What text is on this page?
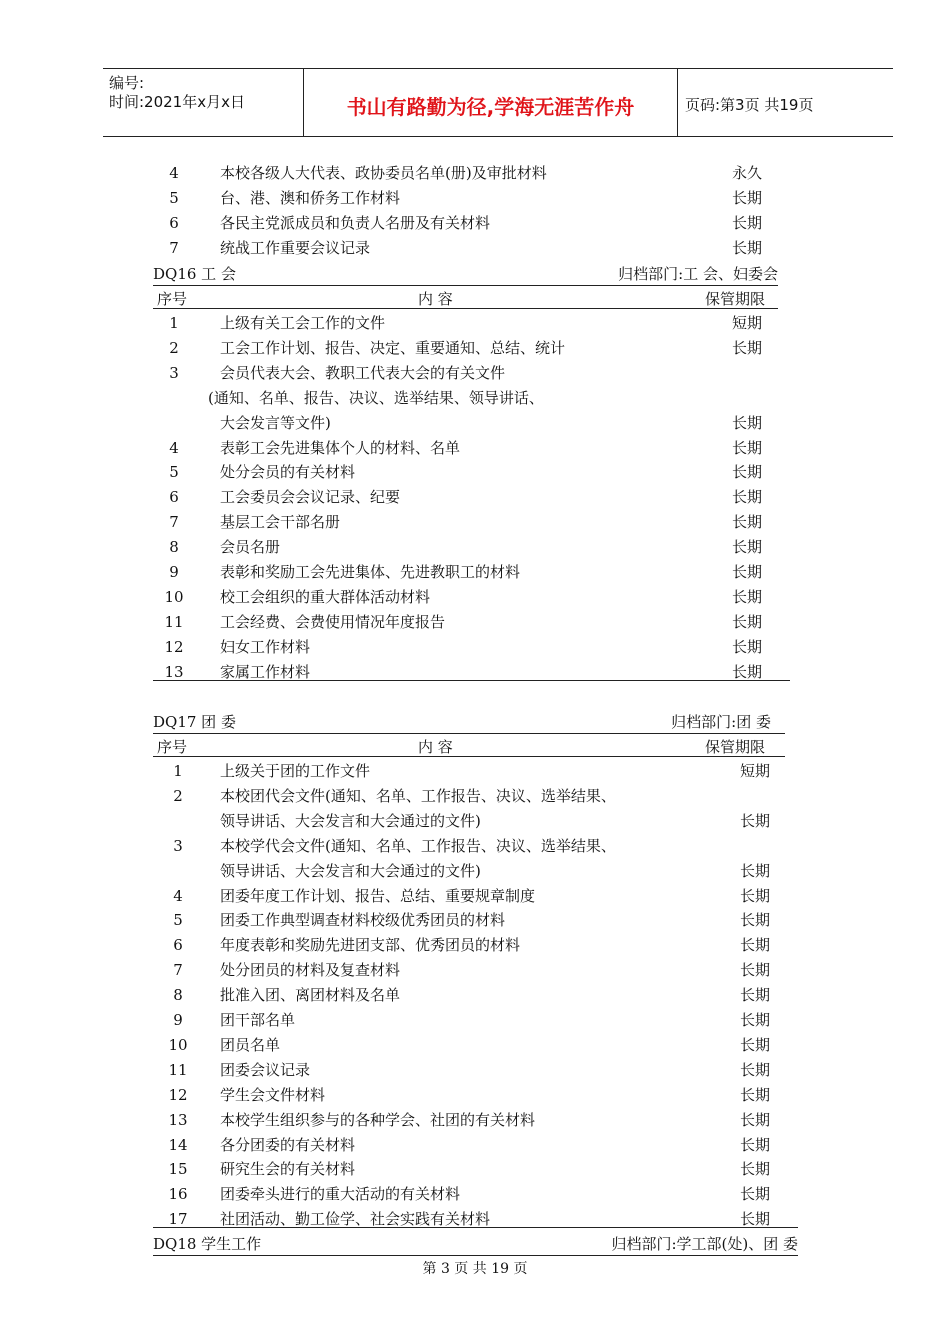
编号:
时间:2021年x月x日	书山有路勤为径,学海无涯苦作舟	页码:第3页 共19页
4	本校各级人大代表、政协委员名单(册)及审批材料	永久
5	台、港、澳和侨务工作材料	长期
6	各民主党派成员和负责人名册及有关材料	长期
7	统战工作重要会议记录	长期
DQ16 工 会	归档部门:工 会、妇委会
序号	内 容	保管期限
1	上级有关工会工作的文件	短期
2	工会工作计划、报告、决定、重要通知、总结、统计	长期
3	会员代表大会、教职工代表大会的有关文件
(通知、名单、报告、决议、选举结果、领导讲话、
大会发言等文件)	长期
4	表彰工会先进集体个人的材料、名单	长期
5	处分会员的有关材料	长期
6	工会委员会会议记录、纪要	长期
7	基层工会干部名册	长期
8	会员名册	长期
9	表彰和奖励工会先进集体、先进教职工的材料	长期
10	校工会组织的重大群体活动材料	长期
11	工会经费、会费使用情况年度报告	长期
12	妇女工作材料	长期
13	家属工作材料	长期
DQ17 团 委	归档部门:团 委
序号	内 容	保管期限
1	上级关于团的工作文件	短期
2	本校团代会文件(通知、名单、工作报告、决议、选举结果、
领导讲话、大会发言和大会通过的文件)	长期
3	本校学代会文件(通知、名单、工作报告、决议、选举结果、
领导讲话、大会发言和大会通过的文件)	长期
4	团委年度工作计划、报告、总结、重要规章制度	长期
5	团委工作典型调查材料校级优秀团员的材料	长期
6	年度表彰和奖励先进团支部、优秀团员的材料	长期
7	处分团员的材料及复查材料	长期
8	批准入团、离团材料及名单	长期
9	团干部名单	长期
10	团员名单	长期
11	团委会议记录	长期
12	学生会文件材料	长期
13	本校学生组织参与的各种学会、社团的有关材料	长期
14	各分团委的有关材料	长期
15	研究生会的有关材料	长期
16	团委牵头进行的重大活动的有关材料	长期
17	社团活动、勤工俭学、社会实践有关材料	长期
DQ18 学生工作	归档部门:学工部(处)、团 委
第 3 页 共 19 页
